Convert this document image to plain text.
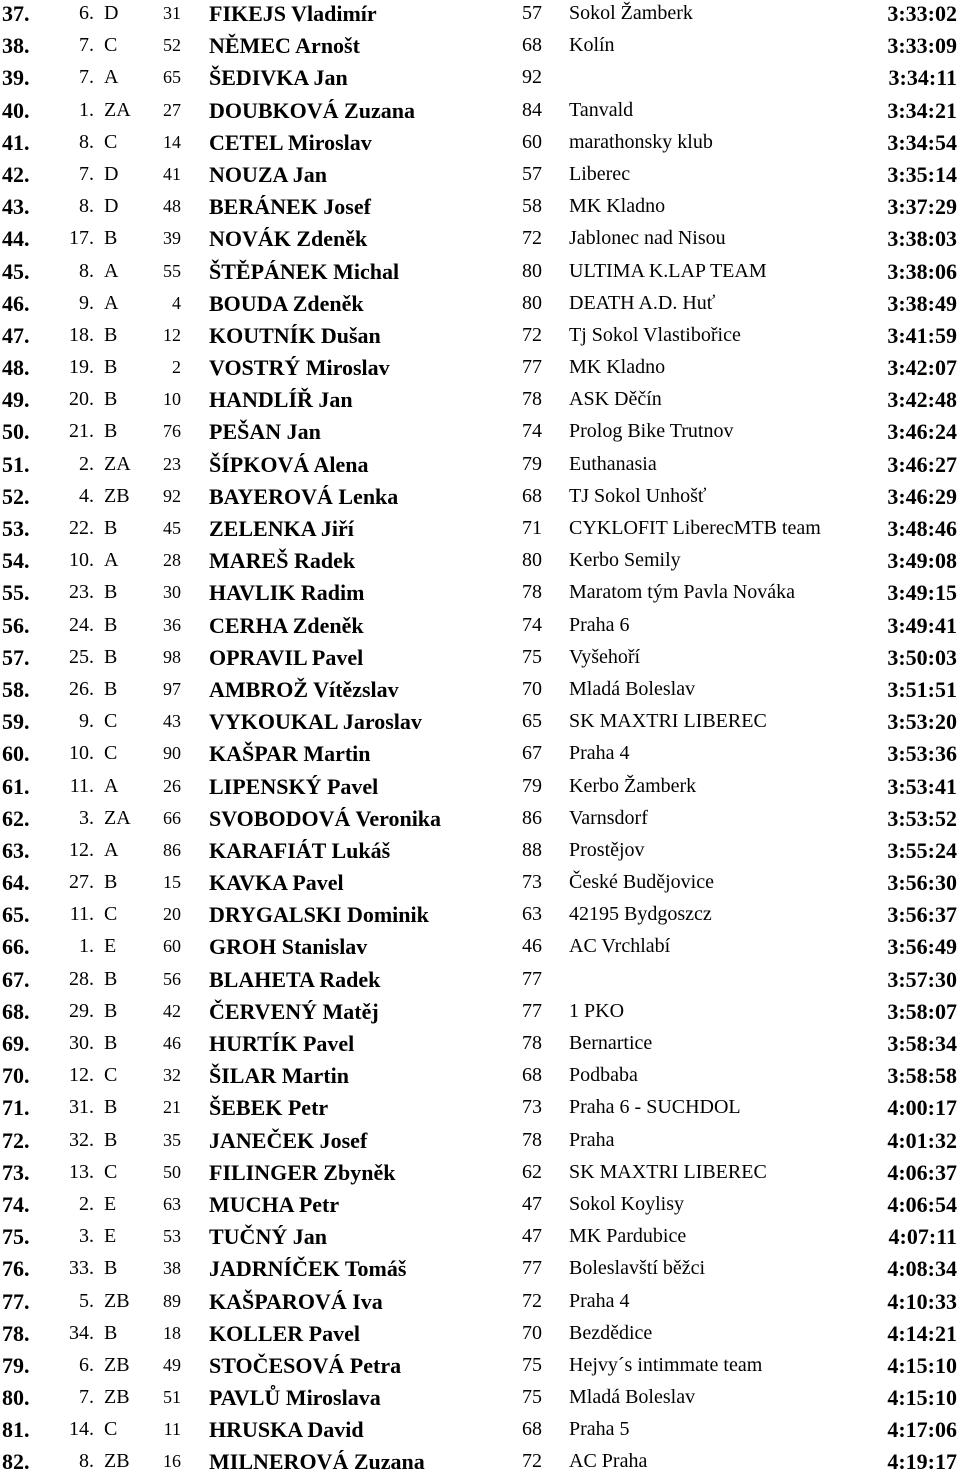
37.	6. D	31 FIKEJS Vladimír	57 Sokol Žamberk	3:33:02
38.	7. C	52 NĚMEC Arnošt	68 Kolín	3:33:09
39.	7. A	65 ŠEDIVKA Jan	92	3:34:11
40.	1. ZA	27 DOUBKOVÁ Zuzana	84 Tanvald	3:34:21
41.	8. C	14 CETEL Miroslav	60 marathonsky klub	3:34:54
42.	7. D	41 NOUZA Jan	57 Liberec	3:35:14
43.	8. D	48 BERÁNEK Josef	58 MK Kladno	3:37:29
44.	17. B	39 NOVÁK Zdeněk	72 Jablonec nad Nisou	3:38:03
45.	8. A	55 ŠTĚPÁNEK Michal	80 ULTIMA K.LAP TEAM	3:38:06
46.	9. A	4 BOUDA Zdeněk	80 DEATH A.D. Huť	3:38:49
47.	18. B	12 KOUTNÍK Dušan	72 Tj Sokol Vlastibořice	3:41:59
48.	19. B	2 VOSTRÝ Miroslav	77 MK Kladno	3:42:07
49.	20. B	10 HANDLÍŘ Jan	78 ASK Děčín	3:42:48
50.	21. B	76 PEŠAN Jan	74 Prolog Bike Trutnov	3:46:24
51.	2. ZA	23 ŠÍPKOVÁ Alena	79 Euthanasia	3:46:27
52.	4. ZB	92 BAYEROVÁ Lenka	68 TJ Sokol Unhošť	3:46:29
53.	22. B	45 ZELENKA Jiří	71 CYKLOFIT LiberecMTB team	3:48:46
54.	10. A	28 MAREŠ Radek	80 Kerbo Semily	3:49:08
55.	23. B	30 HAVLIK Radim	78 Maratom tým Pavla Nováka	3:49:15
56.	24. B	36 CERHA Zdeněk	74 Praha 6	3:49:41
57.	25. B	98 OPRAVIL Pavel	75 Vyšehoří	3:50:03
58.	26. B	97 AMBROŽ Vítězslav	70 Mladá Boleslav	3:51:51
59.	9. C	43 VYKOUKAL Jaroslav	65 SK MAXTRI LIBEREC	3:53:20
60.	10. C	90 KAŠPAR Martin	67 Praha 4	3:53:36
61.	11. A	26 LIPENSKÝ Pavel	79 Kerbo Žamberk	3:53:41
62.	3. ZA	66 SVOBODOVÁ Veronika	86 Varnsdorf	3:53:52
63.	12. A	86 KARAFIÁT Lukáš	88 Prostějov	3:55:24
64.	27. B	15 KAVKA Pavel	73 České Budějovice	3:56:30
65.	11. C	20 DRYGALSKI Dominik	63 42195 Bydgoszcz	3:56:37
66.	1. E	60 GROH Stanislav	46 AC Vrchlabí	3:56:49
67.	28. B	56 BLAHETA Radek	77	3:57:30
68.	29. B	42 ČERVENÝ Matěj	77 1 PKO	3:58:07
69.	30. B	46 HURTÍK Pavel	78 Bernartice	3:58:34
70.	12. C	32 ŠILAR Martin	68 Podbaba	3:58:58
71.	31. B	21 ŠEBEK Petr	73 Praha 6 - SUCHDOL	4:00:17
72.	32. B	35 JANEČEK Josef	78 Praha	4:01:32
73.	13. C	50 FILINGER Zbyněk	62 SK MAXTRI LIBEREC	4:06:37
74.	2. E	63 MUCHA Petr	47 Sokol Koylisy	4:06:54
75.	3. E	53 TUČNÝ Jan	47 MK Pardubice	4:07:11
76.	33. B	38 JADRNÍČEK Tomáš	77 Boleslavští běžci	4:08:34
77.	5. ZB	89 KAŠPAROVÁ Iva	72 Praha 4	4:10:33
78.	34. B	18 KOLLER Pavel	70 Bezdědice	4:14:21
79.	6. ZB	49 STOČESOVÁ Petra	75 Hejvy´s intimmate team	4:15:10
80.	7. ZB	51 PAVLŮ Miroslava	75 Mladá Boleslav	4:15:10
81.	14. C	11 HRUSKA David	68 Praha 5	4:17:06
82.	8. ZB	16 MILNEROVÁ Zuzana	72 AC Praha	4:19:17
